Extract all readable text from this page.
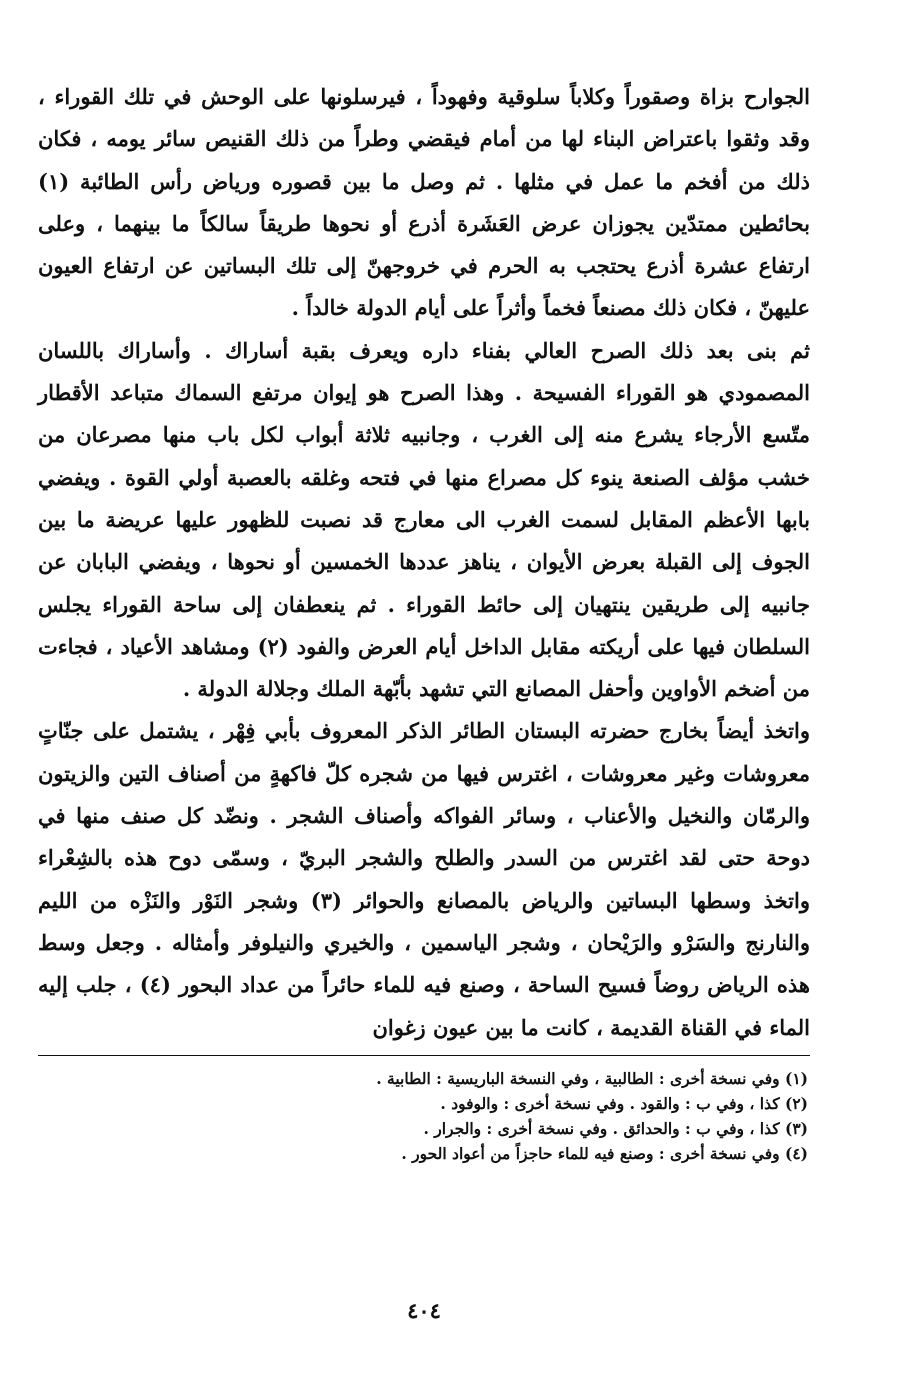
الجوارح بزاة وصقوراً وكلاباً سلوقية وفهوداً ، فيرسلونها على الوحش في تلك القوراء ، وقد وثقوا باعتراض البناء لها من أمام فيقضي وطراً من ذلك القنيص سائر يومه ، فكان ذلك من أفخم ما عمل في مثلها . ثم وصل ما بين قصوره ورياض رأس الطائبة (١) بحائطين ممتدّين يجوزان عرض العَشَرة أذرع أو نحوها طريقاً سالكاً ما بينهما ، وعلى ارتفاع عشرة أذرع يحتجب به الحرم في خروجهنّ إلى تلك البساتين عن ارتفاع العيون عليهنّ ، فكان ذلك مصنعاً فخماً وأثراً على أيام الدولة خالداً .

ثم بنى بعد ذلك الصرح العالي بفناء داره ويعرف بقبة أساراك . وأساراك باللسان المصمودي هو القوراء الفسيحة . وهذا الصرح هو إيوان مرتفع السماك متباعد الأقطار متّسع الأرجاء يشرع منه إلى الغرب ، وجانبيه ثلاثة أبواب لكل باب منها مصرعان من خشب مؤلف الصنعة ينوء كل مصراع منها في فتحه وغلقه بالعصبة أولي القوة . ويفضي بابها الأعظم المقابل لسمت الغرب الى معارج قد نصبت للظهور عليها عريضة ما بين الجوف إلى القبلة بعرض الأيوان ، يناهز عددها الخمسين أو نحوها ، ويفضي البابان عن جانبيه إلى طريقين ينتهيان إلى حائط القوراء . ثم ينعطفان إلى ساحة القوراء يجلس السلطان فيها على أريكته مقابل الداخل أيام العرض والفود (٢) ومشاهد الأعياد ، فجاءت من أضخم الأواوين وأحفل المصانع التي تشهد بأبّهة الملك وجلالة الدولة .

واتخذ أيضاً بخارج حضرته البستان الطائر الذكر المعروف بأبي فِهْر ، يشتمل على جنّاتٍ معروشات وغير معروشات ، اغترس فيها من شجره كلّ فاكهةٍ من أصناف التين والزيتون والرمّان والنخيل والأعناب ، وسائر الفواكه وأصناف الشجر . ونضّد كل صنف منها في دوحة حتى لقد اغترس من السدر والطلح والشجر البريّ ، وسمّى دوح هذه بالشِعْراء واتخذ وسطها البساتين والرياض بالمصانع والحوائر (٣) وشجر النَوْر والنَزْه من الليم والنارنج والسَرْو والرَيْحان ، وشجر الياسمين ، والخيري والنيلوفر وأمثاله . وجعل وسط هذه الرياض روضاً فسيح الساحة ، وصنع فيه للماء حائراً من عداد البحور (٤) ، جلب إليه الماء في القناة القديمة ، كانت ما بين عيون زغوان

(١) وفي نسخة أخرى : الطالبية ، وفي النسخة الباريسية : الطابية .
(٢) كذا ، وفي ب : والقود . وفي نسخة أخرى : والوفود .
(٣) كذا ، وفي ب : والحدائق . وفي نسخة أخرى : والجرار .
(٤) وفي نسخة أخرى : وصنع فيه للماء حاجزاً من أعواد الحور .
٤٠٤
